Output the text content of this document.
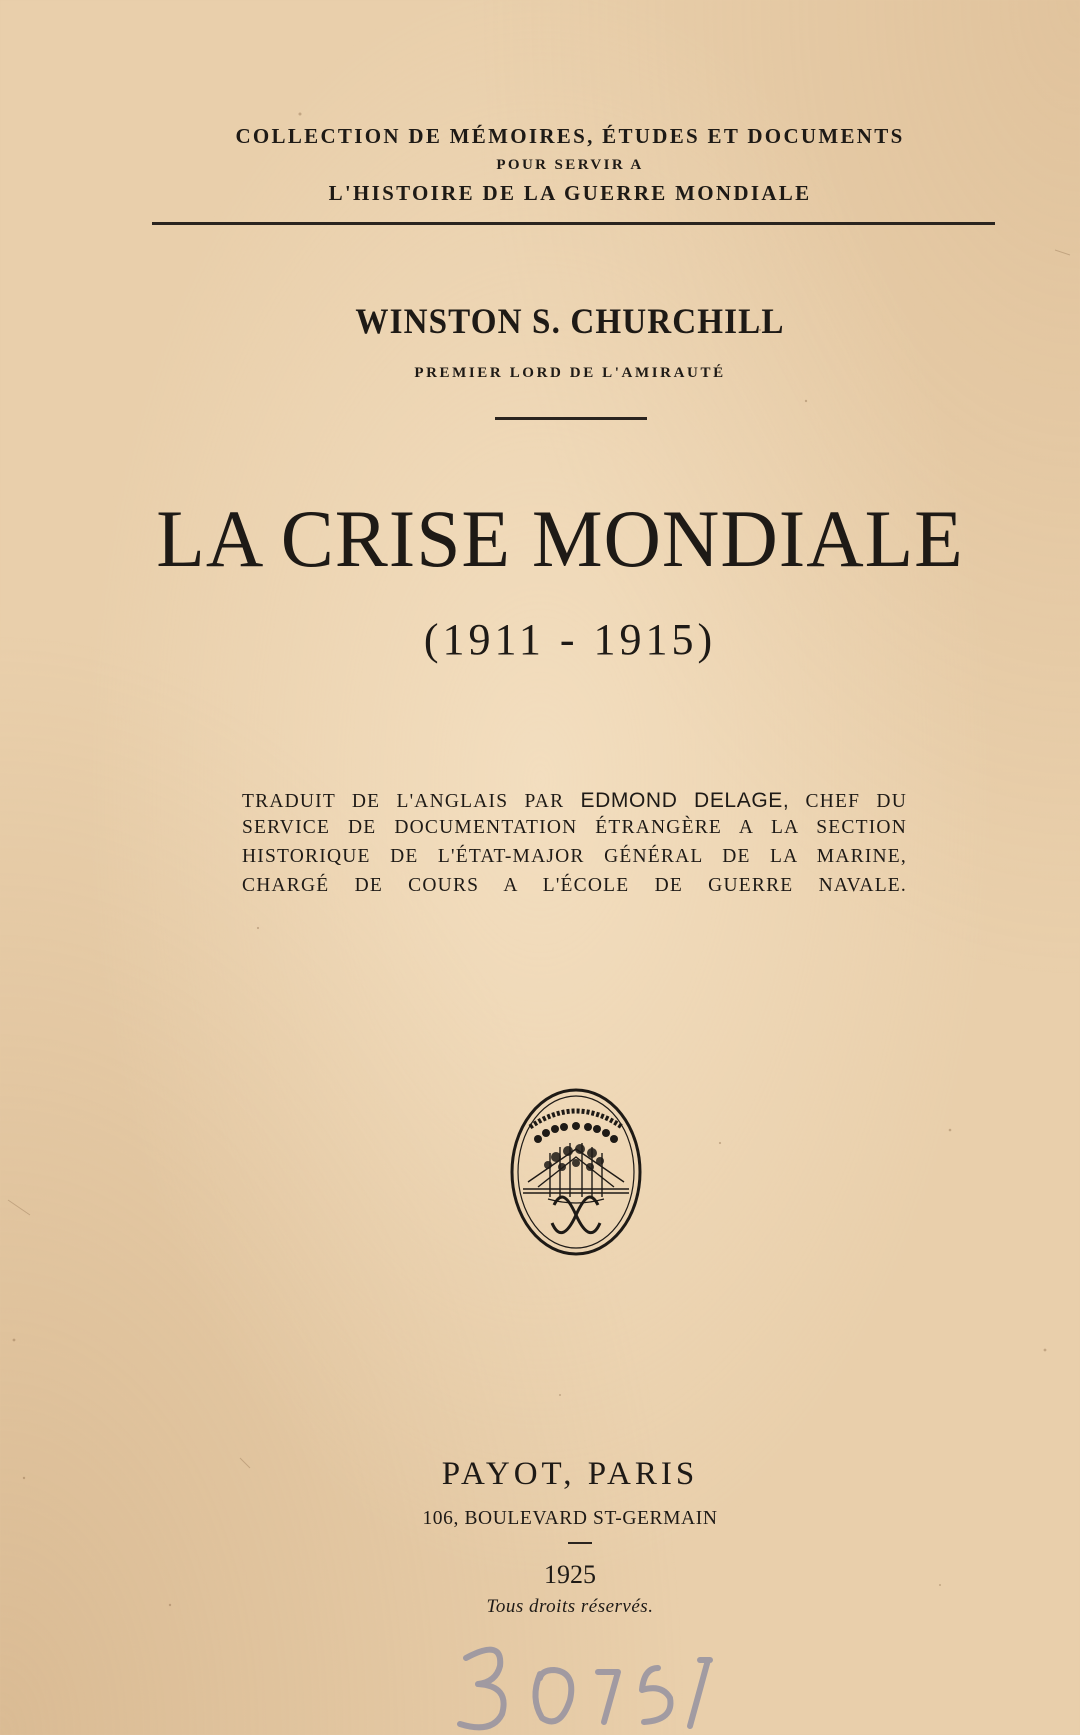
COLLECTION DE MÉMOIRES, ÉTUDES ET DOCUMENTS
POUR SERVIR A
L'HISTOIRE DE LA GUERRE MONDIALE
WINSTON S. CHURCHILL
PREMIER LORD DE L'AMIRAUTÉ
LA CRISE MONDIALE
(1911 - 1915)
TRADUIT DE L'ANGLAIS PAR EDMOND DELAGE, CHEF DU
SERVICE DE DOCUMENTATION ÉTRANGÈRE A LA SECTION
HISTORIQUE DE L'ÉTAT-MAJOR GÉNÉRAL DE LA MARINE,
CHARGÉ DE COURS A L'ÉCOLE DE GUERRE NAVALE.
PAYOT, PARIS
106, BOULEVARD ST-GERMAIN
1925
Tous droits réservés.
